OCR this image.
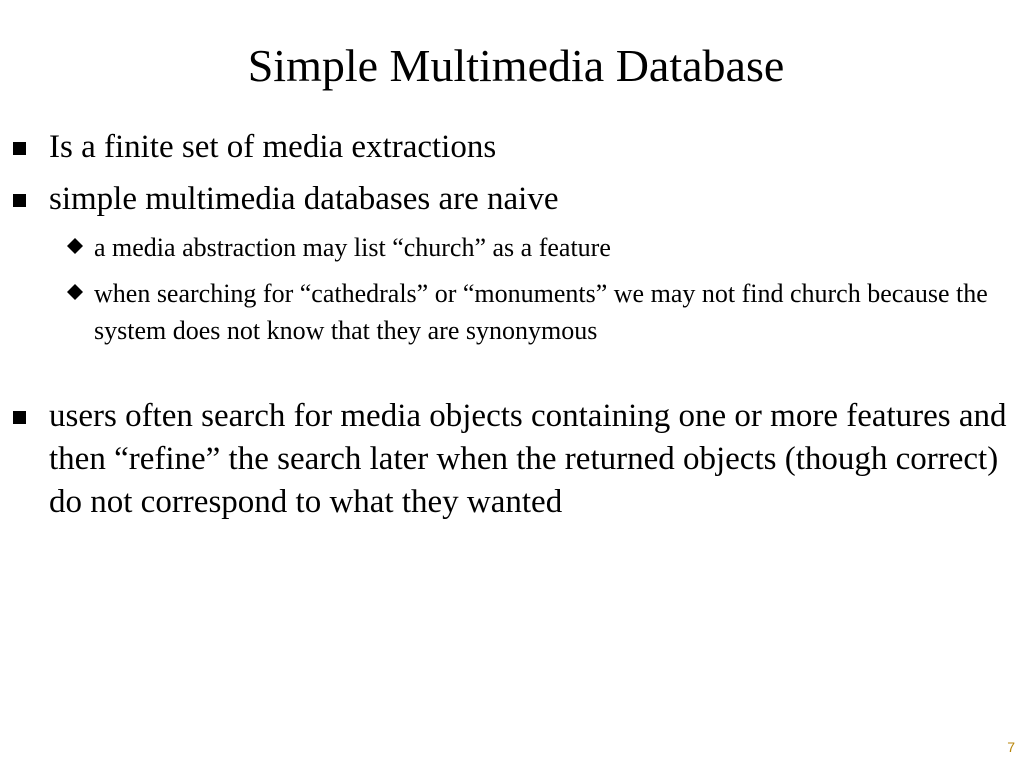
Simple Multimedia Database
Is a finite set of media extractions
simple multimedia databases are naive
a media abstraction may list “church” as a feature
when searching for “cathedrals” or “monuments” we may not find church because the system does not know that they are synonymous
users often search for media objects containing one or more features and then “refine” the search later when the returned objects (though correct) do not correspond to what they wanted
7
